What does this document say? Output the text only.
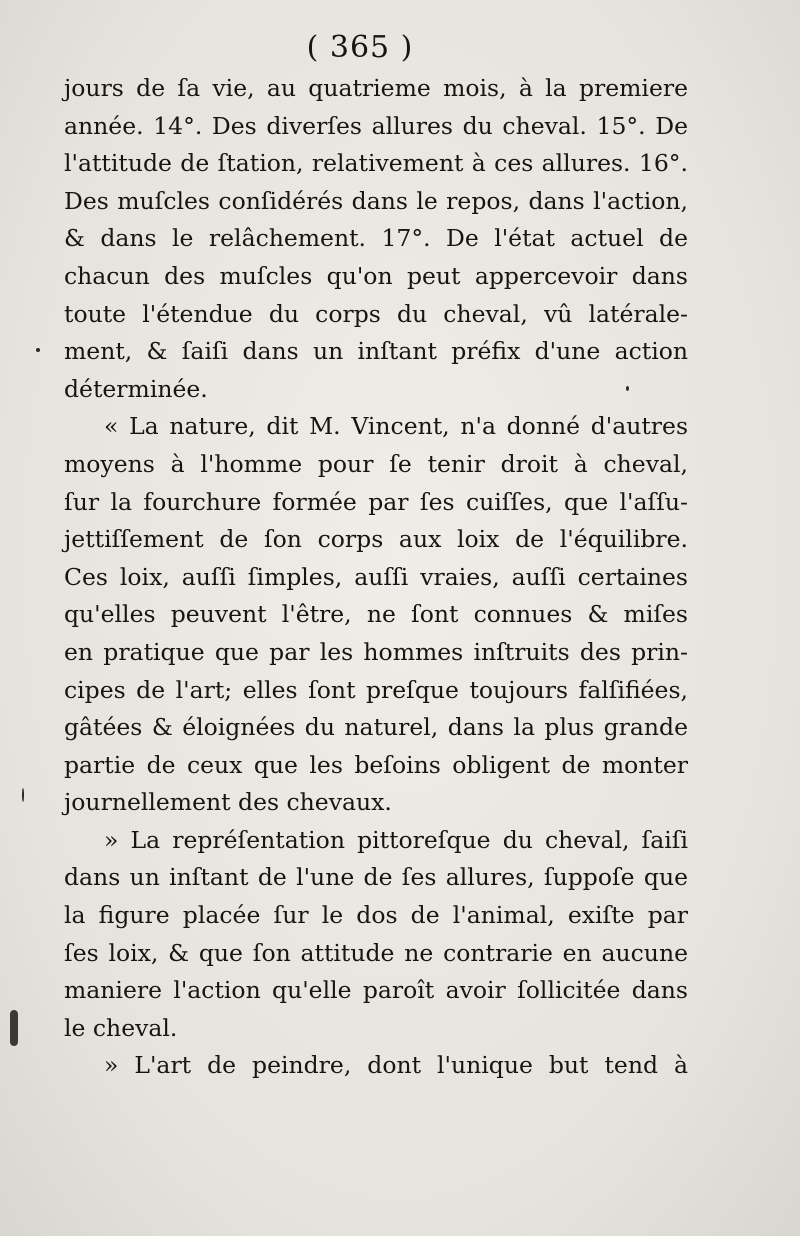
( 365 )
jours de ſa vie, au quatrieme mois, à la premiere
année. 14°. Des diverſes allures du cheval. 15°. De
l'attitude de ſtation, relativement à ces allures. 16°.
Des muſcles conſidérés dans le repos, dans l'action,
& dans le relâchement. 17°. De l'état actuel de
chacun des muſcles qu'on peut appercevoir dans
toute l'étendue du corps du cheval, vû latérale-
ment, & ſaiſi dans un inſtant préfix d'une action
déterminée.
« La nature, dit M. Vincent, n'a donné d'autres
moyens à l'homme pour ſe tenir droit à cheval,
ſur la fourchure formée par ſes cuiſſes, que l'aſſu-
jettiſſement de ſon corps aux loix de l'équilibre.
Ces loix, auſſi ſimples, auſſi vraies, auſſi certaines
qu'elles peuvent l'être, ne ſont connues & miſes
en pratique que par les hommes inſtruits des prin-
cipes de l'art; elles ſont preſque toujours falſifiées,
gâtées & éloignées du naturel, dans la plus grande
partie de ceux que les beſoins obligent de monter
journellement des chevaux.
» La repréſentation pittoreſque du cheval, ſaiſi
dans un inſtant de l'une de ſes allures, ſuppoſe que
la figure placée ſur le dos de l'animal, exiſte par
ſes loix, & que ſon attitude ne contrarie en aucune
maniere l'action qu'elle paroît avoir ſollicitée dans
le cheval.
» L'art de peindre, dont l'unique but tend à
